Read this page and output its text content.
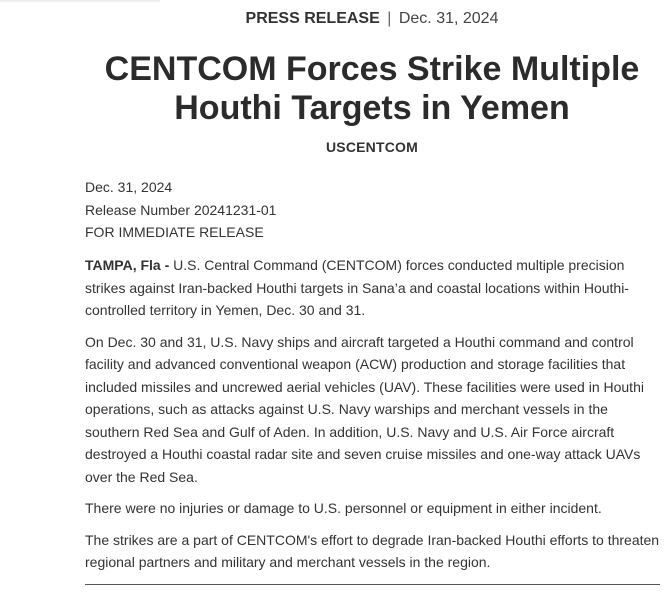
PRESS RELEASE | Dec. 31, 2024
CENTCOM Forces Strike Multiple Houthi Targets in Yemen
USCENTCOM
Dec. 31, 2024
Release Number 20241231-01
FOR IMMEDIATE RELEASE

TAMPA, Fla - U.S. Central Command (CENTCOM) forces conducted multiple precision strikes against Iran-backed Houthi targets in Sana’a and coastal locations within Houthi-controlled territory in Yemen, Dec. 30 and 31.

On Dec. 30 and 31, U.S. Navy ships and aircraft targeted a Houthi command and control facility and advanced conventional weapon (ACW) production and storage facilities that included missiles and uncrewed aerial vehicles (UAV). These facilities were used in Houthi operations, such as attacks against U.S. Navy warships and merchant vessels in the southern Red Sea and Gulf of Aden. In addition, U.S. Navy and U.S. Air Force aircraft destroyed a Houthi coastal radar site and seven cruise missiles and one-way attack UAVs over the Red Sea.

There were no injuries or damage to U.S. personnel or equipment in either incident.

The strikes are a part of CENTCOM's effort to degrade Iran-backed Houthi efforts to threaten regional partners and military and merchant vessels in the region.
